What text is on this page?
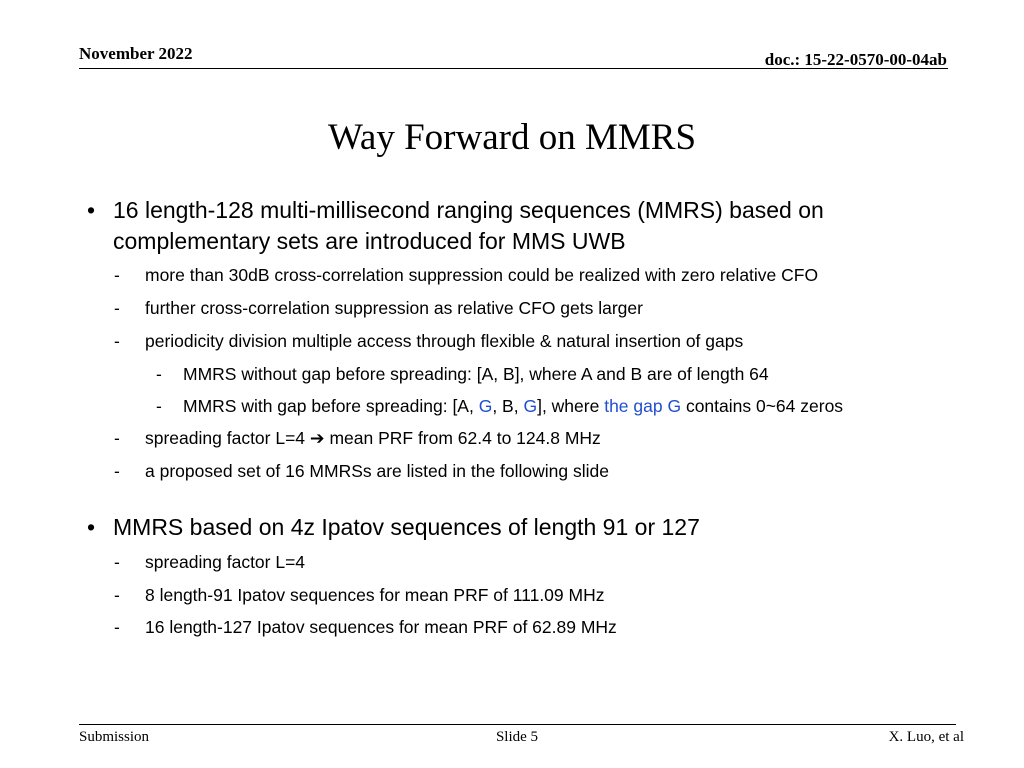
November 2022	doc.: 15-22-0570-00-04ab
Way Forward on MMRS
• 16 length-128 multi-millisecond ranging sequences (MMRS) based on complementary sets are introduced for MMS UWB
- more than 30dB cross-correlation suppression could be realized with zero relative CFO
- further cross-correlation suppression as relative CFO gets larger
- periodicity division multiple access through flexible & natural insertion of gaps
- MMRS without gap before spreading: [A, B], where A and B are of length 64
- MMRS with gap before spreading: [A, G, B, G], where the gap G contains 0~64 zeros
- spreading factor L=4 ➔ mean PRF from 62.4 to 124.8 MHz
- a proposed set of 16 MMRSs are listed in the following slide
• MMRS based on 4z Ipatov sequences of length 91 or 127
- spreading factor L=4
- 8 length-91 Ipatov sequences for mean PRF of 111.09 MHz
- 16 length-127 Ipatov sequences for mean PRF of 62.89 MHz
Submission	Slide 5	X. Luo, et al
